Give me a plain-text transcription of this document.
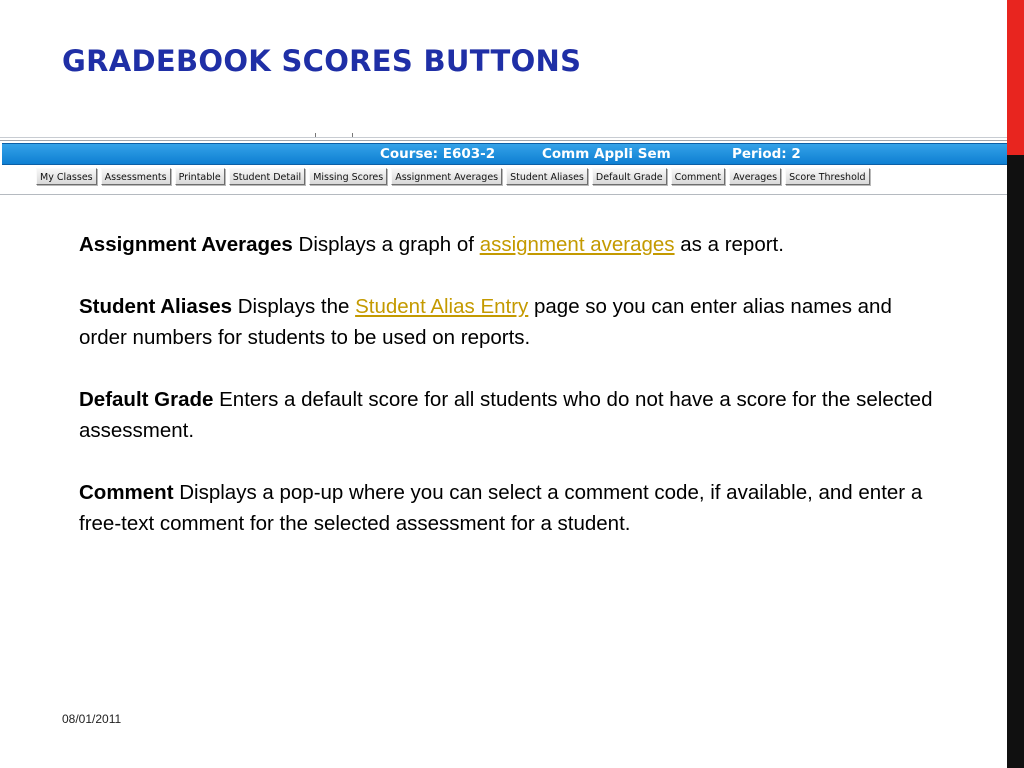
GRADEBOOK SCORES BUTTONS
Course: E603-2	Comm Appli Sem	Period: 2
My Classes	Assessments	Printable	Student Detail	Missing Scores	Assignment Averages	Student Aliases	Default Grade	Comment	Averages	Score Threshold

Assignment Averages Displays a graph of assignment averages as a report.

Student Aliases Displays the Student Alias Entry page so you can enter alias names and order numbers for students to be used on reports.

Default Grade Enters a default score for all students who do not have a score for the selected assessment.

Comment Displays a pop-up where you can select a comment code, if available, and enter a free-text comment for the selected assessment for a student.

08/01/2011
